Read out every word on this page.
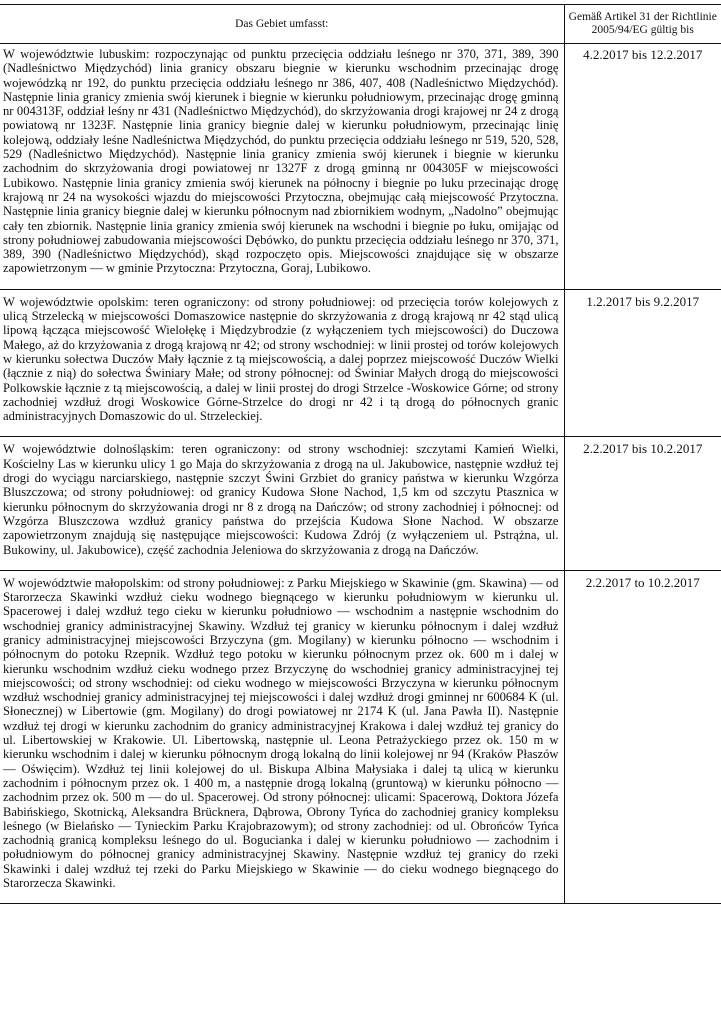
Das Gebiet umfasst:	Gemäß Artikel 31 der Richtlinie 2005/94/EG gültig bis
W województwie lubuskim: rozpoczynając od punktu przecięcia oddziału leśnego nr 370, 371, 389, 390 (Nadleśnictwo Międzychód) linia granicy obszaru biegnie w kierunku wschodnim przecinając drogę wojewódzką nr 192, do punktu przecięcia oddziału leśnego nr 386, 407, 408 (Nadleśnictwo Międzychód). Następnie linia granicy zmienia swój kierunek i biegnie w kierunku południowym, przecinając drogę gminną nr 004313F, oddział leśny nr 431 (Nadleśnictwo Międzychód), do skrzyżowania drogi krajowej nr 24 z drogą powiatową nr 1323F. Następnie linia granicy biegnie dalej w kierunku południowym, przecinając linię kolejową, oddziały leśne Nadleśnictwa Międzychód, do punktu przecięcia oddziału leśnego nr 519, 520, 528, 529 (Nadleśnictwo Międzychód). Następnie linia granicy zmienia swój kierunek i biegnie w kierunku zachodnim do skrzyżowania drogi powiatowej nr 1327F z drogą gminną nr 004305F w miejscowości Lubikowo. Następnie linia granicy zmienia swój kierunek na północny i biegnie po luku przecinając drogę krajową nr 24 na wysokości wjazdu do miejscowości Przytoczna, obejmując całą miejscowość Przytoczna. Następnie linia granicy biegnie dalej w kierunku północnym nad zbiornikiem wodnym, „Nadolno” obejmując cały ten zbiornik. Następnie linia granicy zmienia swój kierunek na wschodni i biegnie po łuku, omijając od strony południowej zabudowania miejscowości Dębówko, do punktu przecięcia oddziału leśnego nr 370, 371, 389, 390 (Nadleśnictwo Międzychód), skąd rozpoczęto opis. Miejscowości znajdujące się w obszarze zapowietrzonym — w gminie Przytoczna: Przytoczna, Goraj, Lubikowo.	4.2.2017 bis 12.2.2017
W województwie opolskim: teren ograniczony: od strony południowej: od przecięcia torów kolejowych z ulicą Strzelecką w miejscowości Domaszowice następnie do skrzyżowania z drogą krajową nr 42 stąd ulicą lipową łącząca miejscowość Wielołękę i Międzybrodzie (z wyłączeniem tych miejscowości) do Duczowa Małego, aż do krzyżowania z drogą krajową nr 42; od strony wschodniej: w linii prostej od torów kolejowych w kierunku sołectwa Duczów Mały łącznie z tą miejscowością, a dalej poprzez miejscowość Duczów Wielki (łącznie z nią) do sołectwa Świniary Małe; od strony północnej: od Świniar Małych drogą do miejscowości Polkowskie łącznie z tą miejscowością, a dalej w linii prostej do drogi Strzelce -Woskowice Górne; od strony zachodniej wzdłuż drogi Woskowice Górne-Strzelce do drogi nr 42 i tą drogą do północnych granic administracyjnych Domaszowic do ul. Strzeleckiej.	1.2.2017 bis 9.2.2017
W województwie dolnośląskim: teren ograniczony: od strony wschodniej: szczytami Kamień Wielki, Kościelny Las w kierunku ulicy 1 go Maja do skrzyżowania z drogą na ul. Jakubowice, następnie wzdłuż tej drogi do wyciągu narciarskiego, następnie szczyt Świni Grzbiet do granicy państwa w kierunku Wzgórza Bluszczowa; od strony południowej: od granicy Kudowa Słone Nachod, 1,5 km od szczytu Ptasznica w kierunku północnym do skrzyżowania drogi nr 8 z drogą na Dańczów; od strony zachodniej i północnej: od Wzgórza Bluszczowa wzdłuż granicy państwa do przejścia Kudowa Słone Nachod. W obszarze zapowietrzonym znajdują się następujące miejscowości: Kudowa Zdrój (z wyłączeniem ul. Pstrążna, ul. Bukowiny, ul. Jakubowice), część zachodnia Jeleniowa do skrzyżowania z drogą na Dańczów.	2.2.2017 bis 10.2.2017
W województwie małopolskim: od strony południowej: z Parku Miejskiego w Skawinie (gm. Skawina) — od Starorzecza Skawinki wzdłuż cieku wodnego biegnącego w kierunku południowym w kierunku ul. Spacerowej i dalej wzdłuż tego cieku w kierunku południowo — wschodnim a następnie wschodnim do wschodniej granicy administracyjnej Skawiny. Wzdłuż tej granicy w kierunku północnym i dalej wzdłuż granicy administracyjnej miejscowości Brzyczyna (gm. Mogilany) w kierunku północno — wschodnim i północnym do potoku Rzepnik. Wzdłuż tego potoku w kierunku północnym przez ok. 600 m i dalej w kierunku wschodnim wzdłuż cieku wodnego przez Brzyczynę do wschodniej granicy administracyjnej tej miejscowości; od strony wschodniej: od cieku wodnego w miejscowości Brzyczyna w kierunku północnym wzdłuż wschodniej granicy administracyjnej tej miejscowości i dalej wzdłuż drogi gminnej nr 600684 K (ul. Słonecznej) w Libertowie (gm. Mogilany) do drogi powiatowej nr 2174 K (ul. Jana Pawła II). Następnie wzdłuż tej drogi w kierunku zachodnim do granicy administracyjnej Krakowa i dalej wzdłuż tej granicy do ul. Libertowskiej w Krakowie. Ul. Libertowską, następnie ul. Leona Petrażyckiego przez ok. 150 m w kierunku wschodnim i dalej w kierunku północnym drogą lokalną do linii kolejowej nr 94 (Kraków Płaszów — Oświęcim). Wzdłuż tej linii kolejowej do ul. Biskupa Albina Małysiaka i dalej tą ulicą w kierunku zachodnim i północnym przez ok. 1 400 m, a następnie drogą lokalną (gruntową) w kierunku północno — zachodnim przez ok. 500 m — do ul. Spacerowej. Od strony północnej: ulicami: Spacerową, Doktora Józefa Babińskiego, Skotnicką, Aleksandra Brücknera, Dąbrowa, Obrony Tyńca do zachodniej granicy kompleksu leśnego (w Bielańsko — Tynieckim Parku Krajobrazowym); od strony zachodniej: od ul. Obrońców Tyńca zachodnią granicą kompleksu leśnego do ul. Boguciankа i dalej w kierunku południowo — zachodnim i południowym do północnej granicy administracyjnej Skawiny. Następnie wzdłuż tej granicy do rzeki Skawinki i dalej wzdłuż tej rzeki do Parku Miejskiego w Skawinie — do cieku wodnego biegnącego do Starorzecza Skawinki.	2.2.2017 to 10.2.2017
